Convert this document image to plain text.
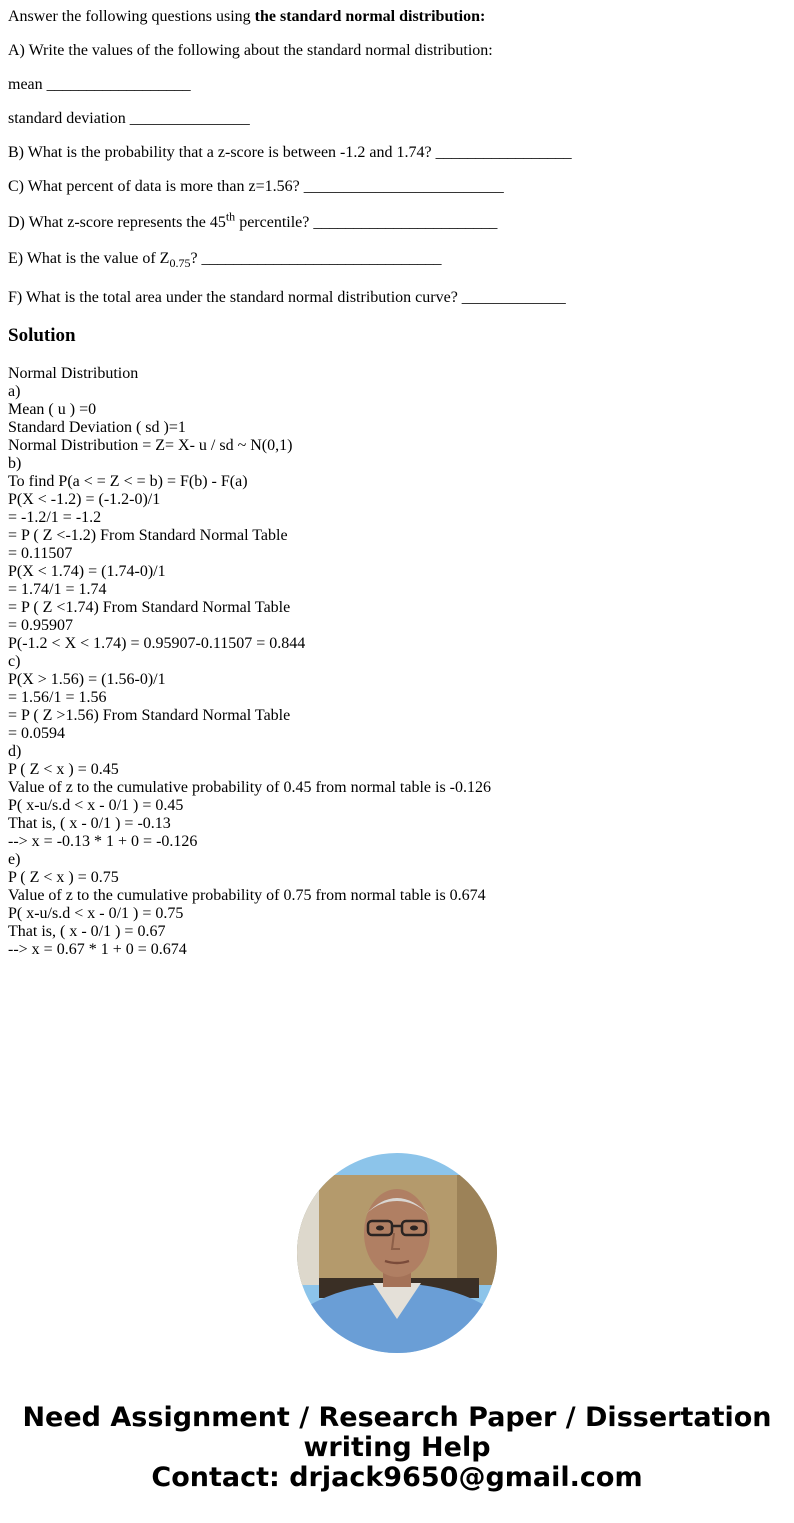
Answer the following questions using the standard normal distribution:

A) Write the values of the following about the standard normal distribution:

mean __________________

standard deviation _______________

B) What is the probability that a z-score is between -1.2 and 1.74? _________________

C) What percent of data is more than z=1.56? _________________________

D) What z-score represents the 45th percentile? _______________________

E) What is the value of $Z_{0.75}$? ______________________________

F) What is the total area under the standard normal distribution curve? _____________

Solution
Normal Distribution
a)
Mean ( u ) =0
Standard Deviation ( sd )=1
Normal Distribution = Z= X- u / sd ~ N(0,1)
b)
To find P(a < = Z < = b) = F(b) - F(a)
P(X < -1.2) = (-1.2-0)/1
= -1.2/1 = -1.2
= P ( Z <-1.2) From Standard Normal Table
= 0.11507
P(X < 1.74) = (1.74-0)/1
= 1.74/1 = 1.74
= P ( Z <1.74) From Standard Normal Table
= 0.95907
P(-1.2 < X < 1.74) = 0.95907-0.11507 = 0.844
c)
P(X > 1.56) = (1.56-0)/1
= 1.56/1 = 1.56
= P ( Z >1.56) From Standard Normal Table
= 0.0594
d)
P ( Z < x ) = 0.45
Value of z to the cumulative probability of 0.45 from normal table is -0.126
P( x-u/s.d < x - 0/1 ) = 0.45
That is, ( x - 0/1 ) = -0.13
--> x = -0.13 * 1 + 0 = -0.126
e)
P ( Z < x ) = 0.75
Value of z to the cumulative probability of 0.75 from normal table is 0.674
P( x-u/s.d < x - 0/1 ) = 0.75
That is, ( x - 0/1 ) = 0.67
--> x = 0.67 * 1 + 0 = 0.674
Need Assignment / Research Paper / Dissertation
writing Help
Contact: drjack9650@gmail.com
